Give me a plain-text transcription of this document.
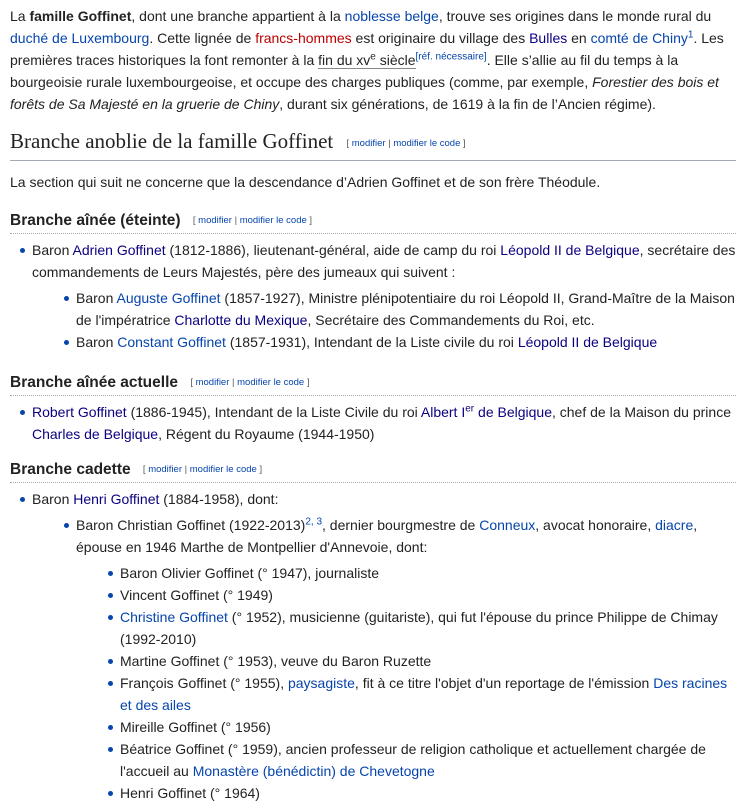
La famille Goffinet, dont une branche appartient à la noblesse belge, trouve ses origines dans le monde rural du duché de Luxembourg. Cette lignée de francs-hommes est originaire du village des Bulles en comté de Chiny$^1$. Les premières traces historiques la font remonter à la fin du $xv^e$ siècle[réf. nécessaire]. Elle s’allie au fil du temps à la bourgeoisie rurale luxembourgeoise, et occupe des charges publiques (comme, par exemple, Forestier des bois et forêts de Sa Majesté en la gruerie de Chiny, durant six générations, de 1619 à la fin de l’Ancien régime).

Branche anoblie de la famille Goffinet [ modifier | modifier le code ]

La section qui suit ne concerne que la descendance d’Adrien Goffinet et de son frère Théodule.

Branche aînée (éteinte) [ modifier | modifier le code ]
Baron Adrien Goffinet (1812-1886), lieutenant-général, aide de camp du roi Léopold II de Belgique, secrétaire des commandements de Leurs Majestés, père des jumeaux qui suivent :
Baron Auguste Goffinet (1857-1927), Ministre plénipotentiaire du roi Léopold II, Grand-Maître de la Maison de l'impératrice Charlotte du Mexique, Secrétaire des Commandements du Roi, etc.
Baron Constant Goffinet (1857-1931), Intendant de la Liste civile du roi Léopold II de Belgique
Branche aînée actuelle [ modifier | modifier le code ]
Robert Goffinet (1886-1945), Intendant de la Liste Civile du roi Albert Ier de Belgique, chef de la Maison du prince Charles de Belgique, Régent du Royaume (1944-1950)
Branche cadette [ modifier | modifier le code ]
Baron Henri Goffinet (1884-1958), dont:
Baron Christian Goffinet (1922-2013)$^{2, 3}$, dernier bourgmestre de Conneux, avocat honoraire, diacre, épouse en 1946 Marthe de Montpellier d'Annevoie, dont:
Baron Olivier Goffinet (° 1947), journaliste
Vincent Goffinet (° 1949)
Christine Goffinet (° 1952), musicienne (guitariste), qui fut l'épouse du prince Philippe de Chimay (1992-2010)
Martine Goffinet (° 1953), veuve du Baron Ruzette
François Goffinet (° 1955), paysagiste, fit à ce titre l'objet d'un reportage de l'émission Des racines et des ailes
Mireille Goffinet (° 1956)
Béatrice Goffinet (° 1959), ancien professeur de religion catholique et actuellement chargée de l'accueil au Monastère (bénédictin) de Chevetogne
Henri Goffinet (° 1964)
